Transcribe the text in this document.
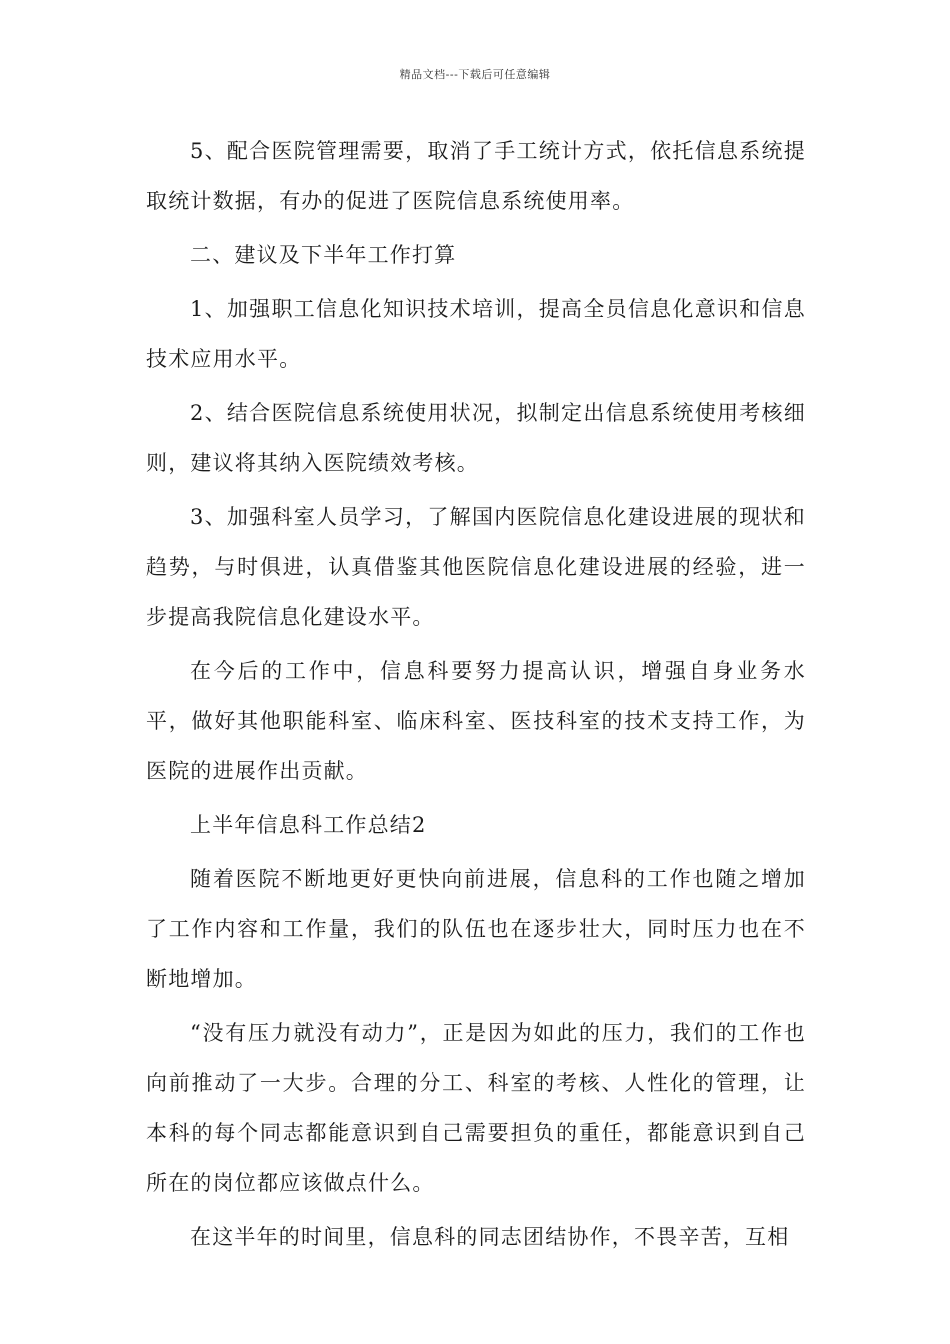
精品文档---下载后可任意编辑

5、配合医院管理需要，取消了手工统计方式，依托信息系统提取统计数据，有办的促进了医院信息系统使用率。

二、建议及下半年工作打算

1、加强职工信息化知识技术培训，提高全员信息化意识和信息技术应用水平。

2、结合医院信息系统使用状况，拟制定出信息系统使用考核细则，建议将其纳入医院绩效考核。

3、加强科室人员学习，了解国内医院信息化建设进展的现状和趋势，与时俱进，认真借鉴其他医院信息化建设进展的经验，进一步提高我院信息化建设水平。

在今后的工作中，信息科要努力提高认识，增强自身业务水平，做好其他职能科室、临床科室、医技科室的技术支持工作，为医院的进展作出贡献。

上半年信息科工作总结2

随着医院不断地更好更快向前进展，信息科的工作也随之增加了工作内容和工作量，我们的队伍也在逐步壮大，同时压力也在不断地增加。

“没有压力就没有动力”，正是因为如此的压力，我们的工作也向前推动了一大步。合理的分工、科室的考核、人性化的管理，让本科的每个同志都能意识到自己需要担负的重任，都能意识到自己所在的岗位都应该做点什么。

在这半年的时间里，信息科的同志团结协作，不畏辛苦，互相
